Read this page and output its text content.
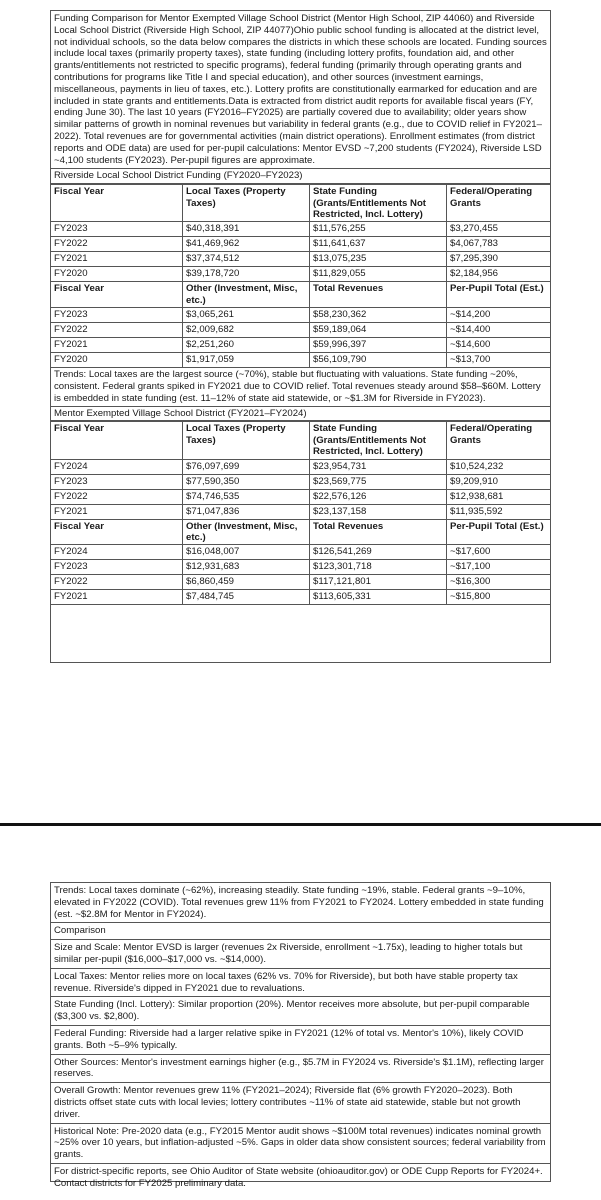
Funding Comparison for Mentor Exempted Village School District (Mentor High School, ZIP 44060) and Riverside Local School District (Riverside High School, ZIP 44077)Ohio public school funding is allocated at the district level, not individual schools, so the data below compares the districts in which these schools are located. Funding sources include local taxes (primarily property taxes), state funding (including lottery profits, foundation aid, and other grants/entitlements not restricted to specific programs), federal funding (primarily through operating grants and contributions for programs like Title I and special education), and other sources (investment earnings, miscellaneous, payments in lieu of taxes, etc.). Lottery profits are constitutionally earmarked for education and are included in state grants and entitlements.Data is extracted from district audit reports for available fiscal years (FY, ending June 30). The last 10 years (FY2016–FY2025) are partially covered due to availability; older years show similar patterns of growth in nominal revenues but variability in federal grants (e.g., due to COVID relief in FY2021–2022). Total revenues are for governmental activities (main district operations). Enrollment estimates (from district reports and ODE data) are used for per-pupil calculations: Mentor EVSD ~7,200 students (FY2024), Riverside LSD ~4,100 students (FY2023). Per-pupil figures are approximate.
Riverside Local School District Funding (FY2020–FY2023)
Fiscal Year	Local Taxes (Property Taxes)	State Funding (Grants/Entitlements Not Restricted, Incl. Lottery)	Federal/Operating Grants
FY2023	$40,318,391	$11,576,255	$3,270,455
FY2022	$41,469,962	$11,641,637	$4,067,783
FY2021	$37,374,512	$13,075,235	$7,295,390
FY2020	$39,178,720	$11,829,055	$2,184,956
Fiscal Year	Other (Investment, Misc, etc.)	Total Revenues	Per-Pupil Total (Est.)
FY2023	$3,065,261	$58,230,362	~$14,200
FY2022	$2,009,682	$59,189,064	~$14,400
FY2021	$2,251,260	$59,996,397	~$14,600
FY2020	$1,917,059	$56,109,790	~$13,700
Trends: Local taxes are the largest source (~70%), stable but fluctuating with valuations. State funding ~20%, consistent. Federal grants spiked in FY2021 due to COVID relief. Total revenues steady around $58–$60M. Lottery is embedded in state funding (est. 11–12% of state aid statewide, or ~$1.3M for Riverside in FY2023).
Mentor Exempted Village School District (FY2021–FY2024)
Fiscal Year	Local Taxes (Property Taxes)	State Funding (Grants/Entitlements Not Restricted, Incl. Lottery)	Federal/Operating Grants
FY2024	$76,097,699	$23,954,731	$10,524,232
FY2023	$77,590,350	$23,569,775	$9,209,910
FY2022	$74,746,535	$22,576,126	$12,938,681
FY2021	$71,047,836	$23,137,158	$11,935,592
Fiscal Year	Other (Investment, Misc, etc.)	Total Revenues	Per-Pupil Total (Est.)
FY2024	$16,048,007	$126,541,269	~$17,600
FY2023	$12,931,683	$123,301,718	~$17,100
FY2022	$6,860,459	$117,121,801	~$16,300
FY2021	$7,484,745	$113,605,331	~$15,800
Trends: Local taxes dominate (~62%), increasing steadily. State funding ~19%, stable. Federal grants ~9–10%, elevated in FY2022 (COVID). Total revenues grew 11% from FY2021 to FY2024. Lottery embedded in state funding (est. ~$2.8M for Mentor in FY2024).
Comparison
Size and Scale: Mentor EVSD is larger (revenues 2x Riverside, enrollment ~1.75x), leading to higher totals but similar per-pupil ($16,000–$17,000 vs. ~$14,000).
Local Taxes: Mentor relies more on local taxes (62% vs. 70% for Riverside), but both have stable property tax revenue. Riverside's dipped in FY2021 due to revaluations.
State Funding (Incl. Lottery): Similar proportion (20%). Mentor receives more absolute, but per-pupil comparable ($3,300 vs. $2,800).
Federal Funding: Riverside had a larger relative spike in FY2021 (12% of total vs. Mentor's 10%), likely COVID grants. Both ~5–9% typically.
Other Sources: Mentor's investment earnings higher (e.g., $5.7M in FY2024 vs. Riverside's $1.1M), reflecting larger reserves.
Overall Growth: Mentor revenues grew 11% (FY2021–2024); Riverside flat (6% growth FY2020–2023). Both districts offset state cuts with local levies; lottery contributes ~11% of state aid statewide, stable but not growth driver.
Historical Note: Pre-2020 data (e.g., FY2015 Mentor audit shows ~$100M total revenues) indicates nominal growth ~25% over 10 years, but inflation-adjusted ~5%. Gaps in older data show consistent sources; federal variability from grants.
For district-specific reports, see Ohio Auditor of State website (ohioauditor.gov) or ODE Cupp Reports for FY2024+. Contact districts for FY2025 preliminary data.
